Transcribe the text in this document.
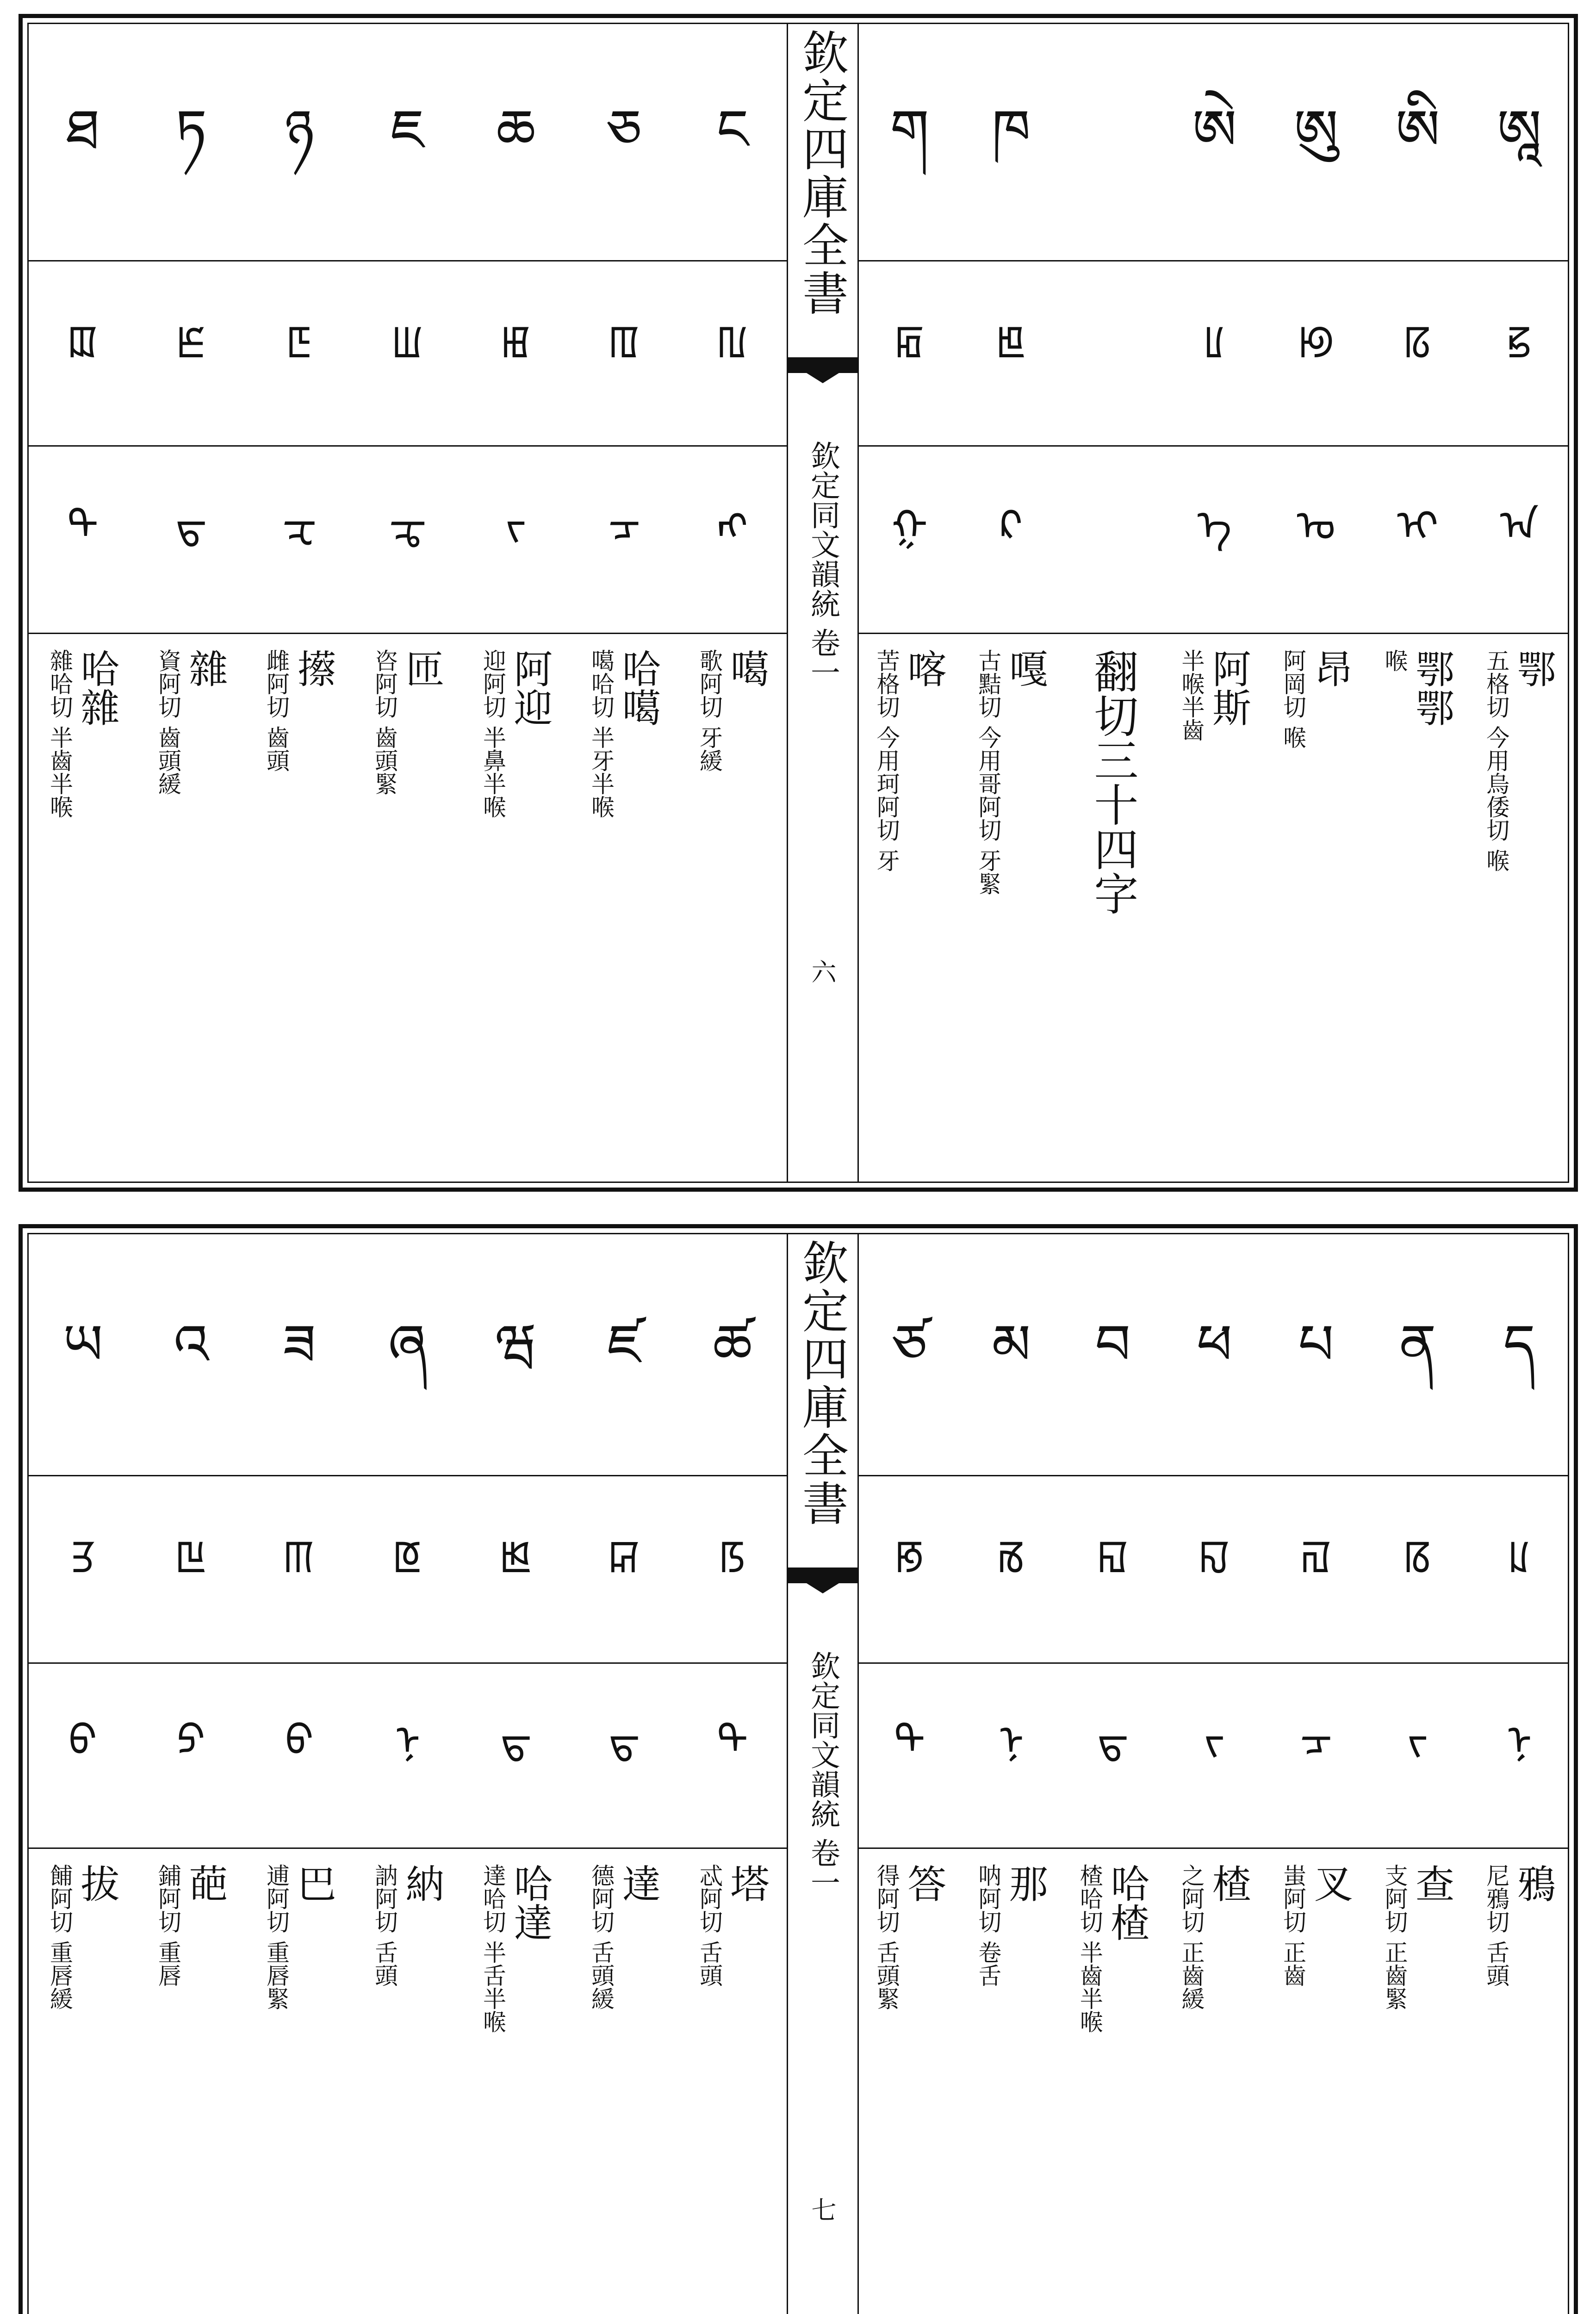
ཨཱ
ꡝ
ᠠ
鄂
五格切 今用烏倭切 喉
ཨི
ꡞ
ᠢ
鄂鄂
喉
ཨུ
ꡟ
ᠣ
昂
阿岡切 喉
ཨེ
ꡦ
ᠡ
阿斯
半喉半齒
翻切三十四字
ཁ
ꡁ
ᠺ
嘎
古黠切 今用哥阿切 牙緊
ག
ꡂ
ᠭ
喀
苦格切 今用珂阿切 牙
欽定四庫全書
欽定同文韻統 卷一
六
ང
ꡃ
ᠩ
噶
歌阿切 牙緩
ཅ
ꡄ
ᠴ
哈噶
噶哈切 半牙半喉
ཆ
ꡅ
ᠵ
阿迎
迎阿切 半鼻半喉
ཇ
ꡆ
ᠼ
匝
咨阿切 齒頭緊
ཉ
ꡇ
ᠽ
攃
雌阿切 齒頭
ཏ
ꡈ
ᠳ
雜
資阿切 齒頭緩
ཐ
ꡉ
ᠲ
哈雜
雜哈切 半齒半喉
ད
ꡊ
ᠨ
鴉
尼鴉切 舌頭
ན
ꡋ
ᠵ
查
支阿切 正齒緊
པ
ꡌ
ᠴ
叉
蚩阿切 正齒
ཕ
ꡍ
ᠵ
楂
之阿切 正齒緩
བ
ꡎ
ᠳ
哈楂
楂哈切 半齒半喉
མ
ꡏ
ᠨ
那
呐阿切 卷舌
ཙ
ꡐ
ᠲ
答
得阿切 舌頭緊
欽定四庫全書
欽定同文韻統 卷一
七
ཚ
ꡑ
ᠲ
塔
忒阿切 舌頭
ཛ
ꡒ
ᠳ
達
德阿切 舌頭緩
ཝ
ꡓ
ᠳ
哈達
達哈切 半舌半喉
ཞ
ꡔ
ᠨ
納
訥阿切 舌頭
ཟ
ꡕ
ᠪ
巴
逋阿切 重唇緊
འ
ꡖ
ᠫ
葩
鋪阿切 重唇
ཡ
ꡗ
ᠪ
拔
餔阿切 重唇緩
